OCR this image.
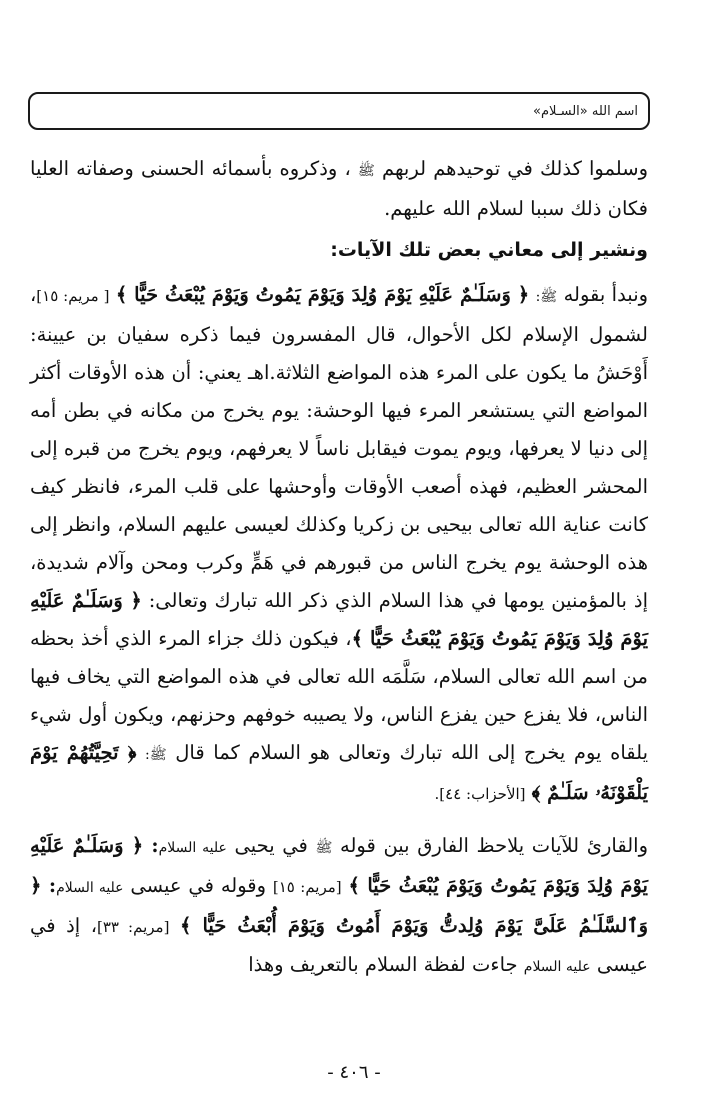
اسم الله «السـلام»

وسلموا كذلك في توحيدهم لربهم ﷺ ، وذكروه بأسمائه الحسنى وصفاته العليا فكان ذلك سببا لسلام الله عليهم.

ونشير إلى معاني بعض تلك الآيات:

ونبدأ بقوله ﷺ: ﴿ وَسَلَـٰمٌ عَلَيْهِ يَوْمَ وُلِدَ وَيَوْمَ يَمُوتُ وَيَوْمَ يُبْعَثُ حَيًّا ﴾ [ مريم: ١٥]، لشمول الإسلام لكل الأحوال، قال المفسرون فيما ذكره سفيان بن عيينة: أَوْحَشُ ما يكون على المرء هذه المواضع الثلاثة.اهـ يعني: أن هذه الأوقات أكثر المواضع التي يستشعر المرء فيها الوحشة: يوم يخرج من مكانه في بطن أمه إلى دنيا لا يعرفها، ويوم يموت فيقابل ناساً لا يعرفهم، ويوم يخرج من قبره إلى المحشر العظيم، فهذه أصعب الأوقات وأوحشها على قلب المرء، فانظر كيف كانت عناية الله تعالى بيحيى بن زكريا وكذلك لعيسى عليهم السلام، وانظر إلى هذه الوحشة يوم يخرج الناس من قبورهم في هَمٍّ وكرب ومحن وآلام شديدة، إذ بالمؤمنين يومها في هذا السلام الذي ذكر الله تبارك وتعالى: ﴿ وَسَلَـٰمٌ عَلَيْهِ يَوْمَ وُلِدَ وَيَوْمَ يَمُوتُ وَيَوْمَ يُبْعَثُ حَيًّا ﴾، فيكون ذلك جزاء المرء الذي أخذ بحظه من اسم الله تعالى السلام، سَلَّمَه الله تعالى في هذه المواضع التي يخاف فيها الناس، فلا يفزع حين يفزع الناس، ولا يصيبه خوفهم وحزنهم، ويكون أول شيء يلقاه يوم يخرج إلى الله تبارك وتعالى هو السلام كما قال ﷺ: ﴿ تَحِيَّتُهُمْ يَوْمَ يَلْقَوْنَهُۥ سَلَـٰمٌ ﴾ [الأحزاب: ٤٤].

والقارئ للآيات يلاحظ الفارق بين قوله ﷺ في يحيى عليه السلام: ﴿ وَسَلَـٰمٌ عَلَيْهِ يَوْمَ وُلِدَ وَيَوْمَ يَمُوتُ وَيَوْمَ يُبْعَثُ حَيًّا ﴾ [مريم: ١٥] وقوله في عيسى عليه السلام: ﴿ وَٱلسَّلَـٰمُ عَلَىَّ يَوْمَ وُلِدتُّ وَيَوْمَ أَمُوتُ وَيَوْمَ أُبْعَثُ حَيًّا ﴾ [مريم: ٣٣]، إذ في عيسى عليه السلام جاءت لفظة السلام بالتعريف وهذا

- ٤٠٦ -
